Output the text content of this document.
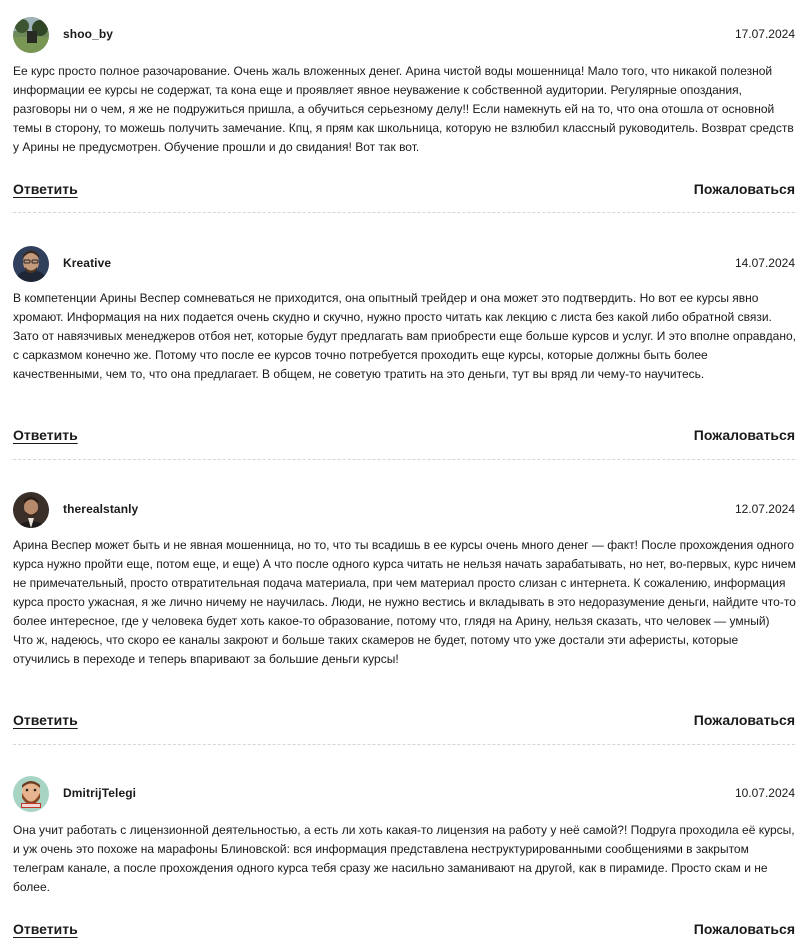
shoo_by	17.07.2024

Ее курс просто полное разочарование. Очень жаль вложенных денег. Арина чистой воды мошенница! Мало того, что никакой полезной информации ее курсы не содержат, та кона еще и проявляет явное неуважение к собственной аудитории. Регулярные опоздания, разговоры ни о чем, я же не подружиться пришла, а обучиться серьезному делу!! Если намекнуть ей на то, что она отошла от основной темы в сторону, то можешь получить замечание. Кпц, я прям как школьница, которую не взлюбил классный руководитель. Возврат средств у Арины не предусмотрен. Обучение прошли и до свидания! Вот так вот.

Ответить	Пожаловаться
Kreative	14.07.2024

В компетенции Арины Веспер сомневаться не приходится, она опытный трейдер и она может это подтвердить. Но вот ее курсы явно хромают. Информация на них подается очень скудно и скучно, нужно просто читать как лекцию с листа без какой либо обратной связи. Зато от навязчивых менеджеров отбоя нет, которые будут предлагать вам приобрести еще больше курсов и услуг. И это вполне оправдано, с сарказмом конечно же. Потому что после ее курсов точно потребуется проходить еще курсы, которые должны быть более качественными, чем то, что она предлагает. В общем, не советую тратить на это деньги, тут вы вряд ли чему-то научитесь.

Ответить	Пожаловаться
therealstanly	12.07.2024

Арина Веспер может быть и не явная мошенница, но то, что ты всадишь в ее курсы очень много денег — факт! После прохождения одного курса нужно пройти еще, потом еще, и еще) А что после одного курса читать не нельзя начать зарабатывать, но нет, во-первых, курс ничем не примечательный, просто отвратительная подача материала, при чем материал просто слизан с интернета. К сожалению, информация курса просто ужасная, я же лично ничему не научилась. Люди, не нужно вестись и вкладывать в это недоразумение деньги, найдите что-то более интересное, где у человека будет хоть какое-то образование, потому что, глядя на Арину, нельзя сказать, что человек — умный)

Что ж, надеюсь, что скоро ее каналы закроют и больше таких скамеров не будет, потому что уже достали эти аферисты, которые отучились в переходе и теперь впаривают за большие деньги курсы!

Ответить	Пожаловаться
DmitrijTelegi	10.07.2024

Она учит работать с лицензионной деятельностью, а есть ли хоть какая-то лицензия на работу у неё самой?! Подруга проходила её курсы, и уж очень это похоже на марафоны Блиновской: вся информация представлена неструктурированными сообщениями в закрытом телеграм канале, а после прохождения одного курса тебя сразу же насильно заманивают на другой, как в пирамиде. Просто скам и не более.

Ответить	Пожаловаться
